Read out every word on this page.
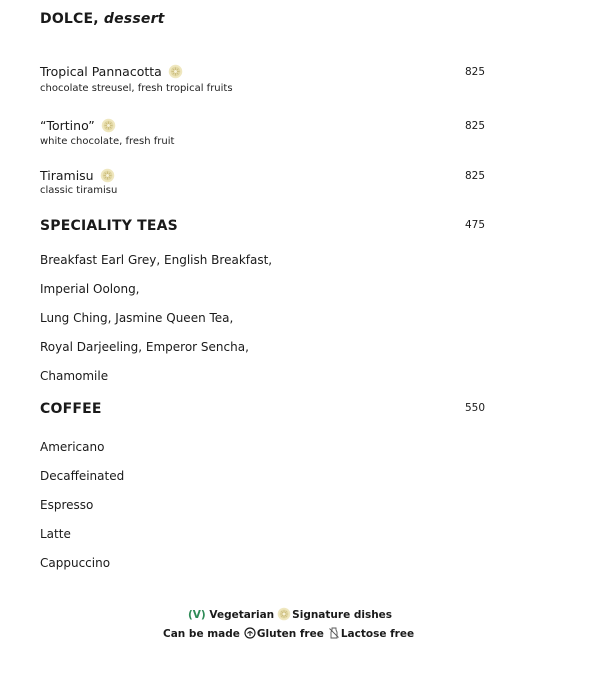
DOLCE, dessert
Tropical Pannacotta
chocolate streusel, fresh tropical fruits
825
“Tortino”
white chocolate, fresh fruit
825
Tiramisu
classic tiramisu
825
SPECIALITY TEAS	475
Breakfast Earl Grey, English Breakfast,
Imperial Oolong,
Lung Ching, Jasmine Queen Tea,
Royal Darjeeling, Emperor Sencha,
Chamomile
COFFEE	550
Americano
Decaffeinated
Espresso
Latte
Cappuccino
(V) Vegetarian Signature dishes
Can be made Gluten free Lactose free
